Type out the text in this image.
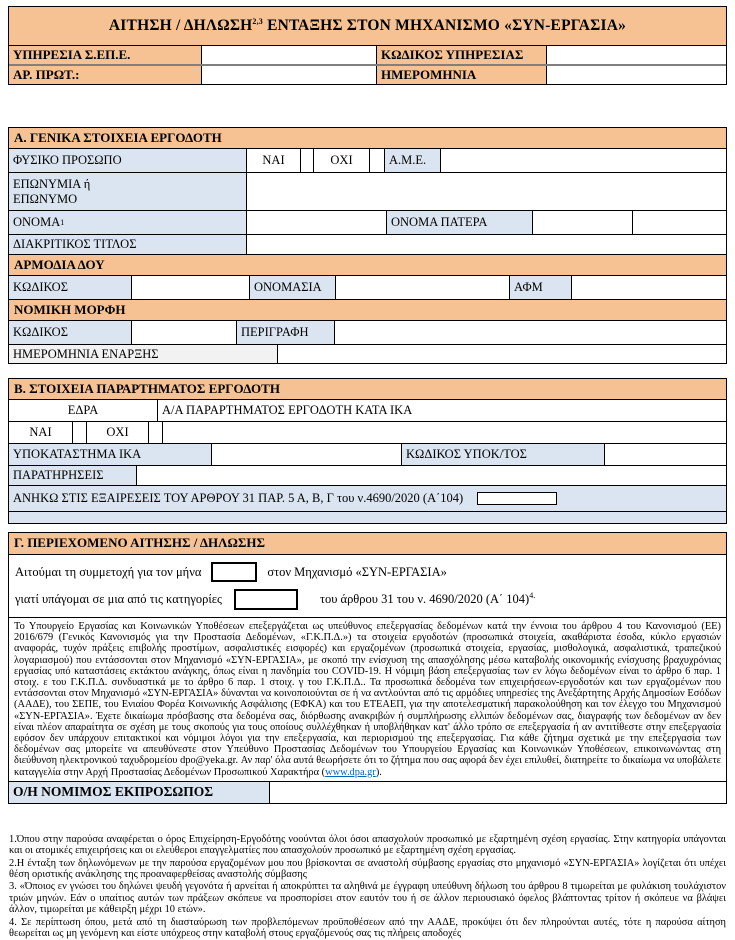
ΑΙΤΗΣΗ / ΔΗΛΩΣΗ$^{2,3}$ ΕΝΤΑΞΗΣ ΣΤΟΝ ΜΗΧΑΝΙΣΜΟ «ΣΥΝ-ΕΡΓΑΣΙΑ»
ΥΠΗΡΕΣΙΑ Σ.ΕΠ.Ε.	ΚΩΔΙΚΟΣ ΥΠΗΡΕΣΙΑΣ
ΑΡ. ΠΡΩΤ.:	ΗΜΕΡΟΜΗΝΙΑ
Α. ΓΕΝΙΚΑ ΣΤΟΙΧΕΙΑ ΕΡΓΟΔΟΤΗ
ΦΥΣΙΚΟ ΠΡΟΣΩΠΟ	ΝΑΙ	ΟΧΙ	Α.Μ.Ε.
ΕΠΩΝΥΜΙΑ ή
ΕΠΩΝΥΜΟ
ΟΝΟΜΑ 1	ΟΝΟΜΑ ΠΑΤΕΡΑ
ΔΙΑΚΡΙΤΙΚΟΣ ΤΙΤΛΟΣ
ΑΡΜΟΔΙΑ ΔΟΥ
ΚΩΔΙΚΟΣ	ΟΝΟΜΑΣΙΑ	ΑΦΜ
ΝΟΜΙΚΗ ΜΟΡΦΗ
ΚΩΔΙΚΟΣ	ΠΕΡΙΓΡΑΦΗ
ΗΜΕΡΟΜΗΝΙΑ ΕΝΑΡΞΗΣ
Β. ΣΤΟΙΧΕΙΑ ΠΑΡΑΡΤΗΜΑΤΟΣ ΕΡΓΟΔΟΤΗ
ΕΔΡΑ	Α/Α ΠΑΡΑΡΤΗΜΑΤΟΣ ΕΡΓΟΔΟΤΗ ΚΑΤΑ ΙΚΑ
ΝΑΙ	ΟΧΙ
ΥΠΟΚΑΤΑΣΤΗΜΑ ΙΚΑ	ΚΩΔΙΚΟΣ ΥΠΟΚ/ΤΟΣ
ΠΑΡΑΤΗΡΗΣΕΙΣ
ΑΝΗΚΩ ΣΤΙΣ ΕΞΑΙΡΕΣΕΙΣ ΤΟΥ ΑΡΘΡΟΥ 31 ΠΑΡ. 5 Α, Β, Γ του ν.4690/2020 (Α΄104)
Γ. ΠΕΡΙΕΧΟΜΕΝΟ ΑΙΤΗΣΗΣ / ΔΗΛΩΣΗΣ
Αιτούμαι τη συμμετοχή για τον μήνα	στον Μηχανισμό «ΣΥΝ-ΕΡΓΑΣΙΑ»
γιατί υπάγομαι σε μια από τις κατηγορίες	του άρθρου 31 του ν. 4690/2020 (Α΄ 104)$^{4.}$
Το Υπουργείο Εργασίας και Κοινωνικών Υποθέσεων επεξεργάζεται ως υπεύθυνος επεξεργασίας δεδομένων κατά την έννοια του άρθρου 4 του Κανονισμού (ΕΕ) 2016/679 (Γενικός Κανονισμός για την Προστασία Δεδομένων, «Γ.Κ.Π.Δ.») τα στοιχεία εργοδοτών (προσωπικά στοιχεία, ακαθάριστα έσοδα, κύκλο εργασιών αναφοράς, τυχόν πράξεις επιβολής προστίμων, ασφαλιστικές εισφορές) και εργαζομένων (προσωπικά στοιχεία, εργασίας, μισθολογικά, ασφαλιστικά, τραπεζικού λογαριασμού) που εντάσσονται στον Μηχανισμό «ΣΥΝ-ΕΡΓΑΣΙΑ», με σκοπό την ενίσχυση της απασχόλησης μέσω καταβολής οικονομικής ενίσχυσης βραχυχρόνιας εργασίας υπό καταστάσεις εκτάκτου ανάγκης, όπως είναι η πανδημία του COVID-19. Η νόμιμη βάση επεξεργασίας των εν λόγω δεδομένων είναι το άρθρο 6 παρ. 1 στοιχ. ε του Γ.Κ.Π.Δ. συνδυαστικά με το άρθρο 6 παρ. 1 στοιχ. γ του Γ.Κ.Π.Δ.. Τα προσωπικά δεδομένα των επιχειρήσεων-εργοδοτών και των εργαζομένων που εντάσσονται στον Μηχανισμό «ΣΥΝ-ΕΡΓΑΣΙΑ» δύνανται να κοινοποιούνται σε ή να αντλούνται από τις αρμόδιες υπηρεσίες της Ανεξάρτητης Αρχής Δημοσίων Εσόδων (ΑΑΔΕ), του ΣΕΠΕ, του Ενιαίου Φορέα Κοινωνικής Ασφάλισης (ΕΦΚΑ) και του ΕΤΕΑΕΠ, για την αποτελεσματική παρακολούθηση και τον έλεγχο του Μηχανισμού «ΣΥΝ-ΕΡΓΑΣΙΑ». Έχετε δικαίωμα πρόσβασης στα δεδομένα σας, διόρθωσης ανακριβών ή συμπλήρωσης ελλιπών δεδομένων σας, διαγραφής των δεδομένων αν δεν είναι πλέον απαραίτητα σε σχέση με τους σκοπούς για τους οποίους συλλέχθηκαν ή υποβλήθηκαν κατ' άλλο τρόπο σε επεξεργασία ή αν αντιτίθεστε στην επεξεργασία εφόσον δεν υπάρχουν επιτακτικοί και νόμιμοι λόγοι για την επεξεργασία, και περιορισμού της επεξεργασίας. Για κάθε ζήτημα σχετικά με την επεξεργασία των δεδομένων σας μπορείτε να απευθύνεστε στον Υπεύθυνο Προστασίας Δεδομένων του Υπουργείου Εργασίας και Κοινωνικών Υποθέσεων, επικοινωνώντας στη διεύθυνση ηλεκτρονικού ταχυδρομείου dpo@yeka.gr. Αν παρ' όλα αυτά θεωρήσετε ότι το ζήτημα που σας αφορά δεν έχει επιλυθεί, διατηρείτε το δικαίωμα να υποβάλετε καταγγελία στην Αρχή Προστασίας Δεδομένων Προσωπικού Χαρακτήρα (www.dpa.gr).
Ο/Η ΝΟΜΙΜΟΣ ΕΚΠΡΟΣΩΠΟΣ

1.Όπου στην παρούσα αναφέρεται ο όρος Επιχείρηση-Εργοδότης νοούνται όλοι όσοι απασχολούν προσωπικό με εξαρτημένη σχέση εργασίας. Στην κατηγορία υπάγονται και οι ατομικές επιχειρήσεις και οι ελεύθεροι επαγγελματίες που απασχολούν προσωπικό με εξαρτημένη σχέση εργασίας.

2.Η ένταξη των δηλωνόμενων με την παρούσα εργαζομένων μου που βρίσκονται σε αναστολή σύμβασης εργασίας στο μηχανισμό «ΣΥΝ-ΕΡΓΑΣΙΑ» λογίζεται ότι υπέχει θέση οριστικής ανάκλησης της προαναφερθείσας αναστολής σύμβασης

3. «Όποιος εν γνώσει του δηλώνει ψευδή γεγονότα ή αρνείται ή αποκρύπτει τα αληθινά με έγγραφη υπεύθυνη δήλωση του άρθρου 8 τιμωρείται με φυλάκιση τουλάχιστον τριών μηνών. Εάν ο υπαίτιος αυτών των πράξεων σκόπευε να προσπορίσει στον εαυτόν του ή σε άλλον περιουσιακό όφελος βλάπτοντας τρίτον ή σκόπευε να βλάψει άλλον, τιμωρείται με κάθειρξη μέχρι 10 ετών».

4. Σε περίπτωση όπου, μετά από τη διασταύρωση των προβλεπόμενων προϋποθέσεων από την ΑΑΔΕ, προκύψει ότι δεν πληρούνται αυτές, τότε η παρούσα αίτηση θεωρείται ως μη γενόμενη και είστε υπόχρεος στην καταβολή στους εργαζόμενούς σας τις πλήρεις αποδοχές
